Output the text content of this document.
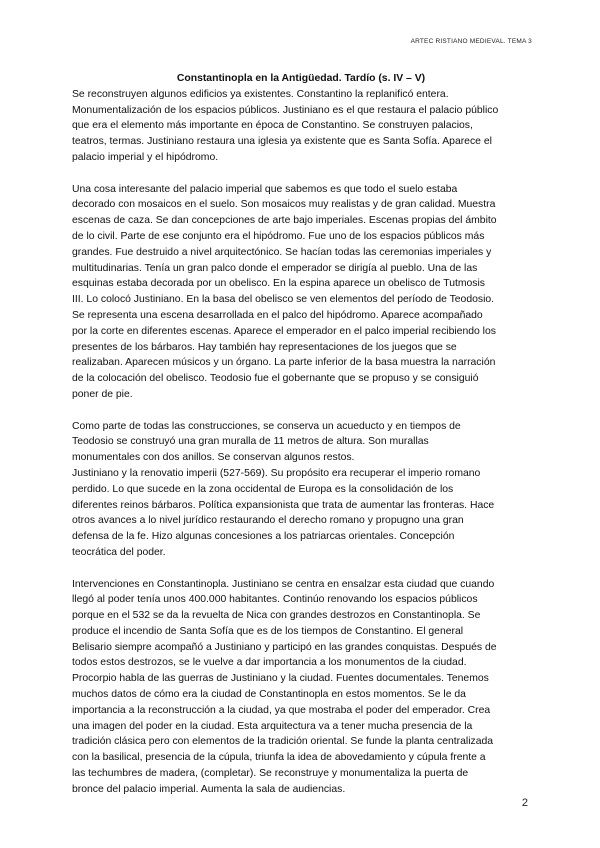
ARTEC RISTIANO MEDIEVAL. TEMA 3

Constantinopla en la Antigüedad. Tardío (s. IV – V)

Se reconstruyen algunos edificios ya existentes. Constantino la replanificó entera.
Monumentalización de los espacios públicos. Justiniano es el que restaura el palacio público
que era el elemento más importante en época de Constantino. Se construyen palacios,
teatros, termas. Justiniano restaura una iglesia ya existente que es Santa Sofía. Aparece el
palacio imperial y el hipódromo.

Una cosa interesante del palacio imperial que sabemos es que todo el suelo estaba
decorado con mosaicos en el suelo. Son mosaicos muy realistas y de gran calidad. Muestra
escenas de caza. Se dan concepciones de arte bajo imperiales. Escenas propias del ámbito
de lo civil. Parte de ese conjunto era el hipódromo. Fue uno de los espacios públicos más
grandes. Fue destruido a nivel arquitectónico. Se hacían todas las ceremonias imperiales y
multitudinarias. Tenía un gran palco donde el emperador se dirigía al pueblo. Una de las
esquinas estaba decorada por un obelisco. En la espina aparece un obelisco de Tutmosis
III. Lo colocó Justiniano. En la basa del obelisco se ven elementos del período de Teodosio.
Se representa una escena desarrollada en el palco del hipódromo. Aparece acompañado
por la corte en diferentes escenas. Aparece el emperador en el palco imperial recibiendo los
presentes de los bárbaros. Hay también hay representaciones de los juegos que se
realizaban. Aparecen músicos y un órgano. La parte inferior de la basa muestra la narración
de la colocación del obelisco. Teodosio fue el gobernante que se propuso y se consiguió
poner de pie.

Como parte de todas las construcciones, se conserva un acueducto y en tiempos de
Teodosio se construyó una gran muralla de 11 metros de altura. Son murallas
monumentales con dos anillos. Se conservan algunos restos.
Justiniano y la renovatio imperii (527-569). Su propósito era recuperar el imperio romano
perdido. Lo que sucede en la zona occidental de Europa es la consolidación de los
diferentes reinos bárbaros. Política expansionista que trata de aumentar las fronteras. Hace
otros avances a lo nivel jurídico restaurando el derecho romano y propugno una gran
defensa de la fe. Hizo algunas concesiones a los patriarcas orientales. Concepción
teocrática del poder.

Intervenciones en Constantinopla. Justiniano se centra en ensalzar esta ciudad que cuando
llegó al poder tenía unos 400.000 habitantes. Continúo renovando los espacios públicos
porque en el 532 se da la revuelta de Nica con grandes destrozos en Constantinopla. Se
produce el incendio de Santa Sofía que es de los tiempos de Constantino. El general
Belisario siempre acompañó a Justiniano y participó en las grandes conquistas. Después de
todos estos destrozos, se le vuelve a dar importancia a los monumentos de la ciudad.
Procorpio habla de las guerras de Justiniano y la ciudad. Fuentes documentales. Tenemos
muchos datos de cómo era la ciudad de Constantinopla en estos momentos. Se le da
importancia a la reconstrucción a la ciudad, ya que mostraba el poder del emperador. Crea
una imagen del poder en la ciudad. Esta arquitectura va a tener mucha presencia de la
tradición clásica pero con elementos de la tradición oriental. Se funde la planta centralizada
con la basilical, presencia de la cúpula, triunfa la idea de abovedamiento y cúpula frente a
las techumbres de madera, (completar). Se reconstruye y monumentaliza la puerta de
bronce del palacio imperial. Aumenta la sala de audiencias.

2
